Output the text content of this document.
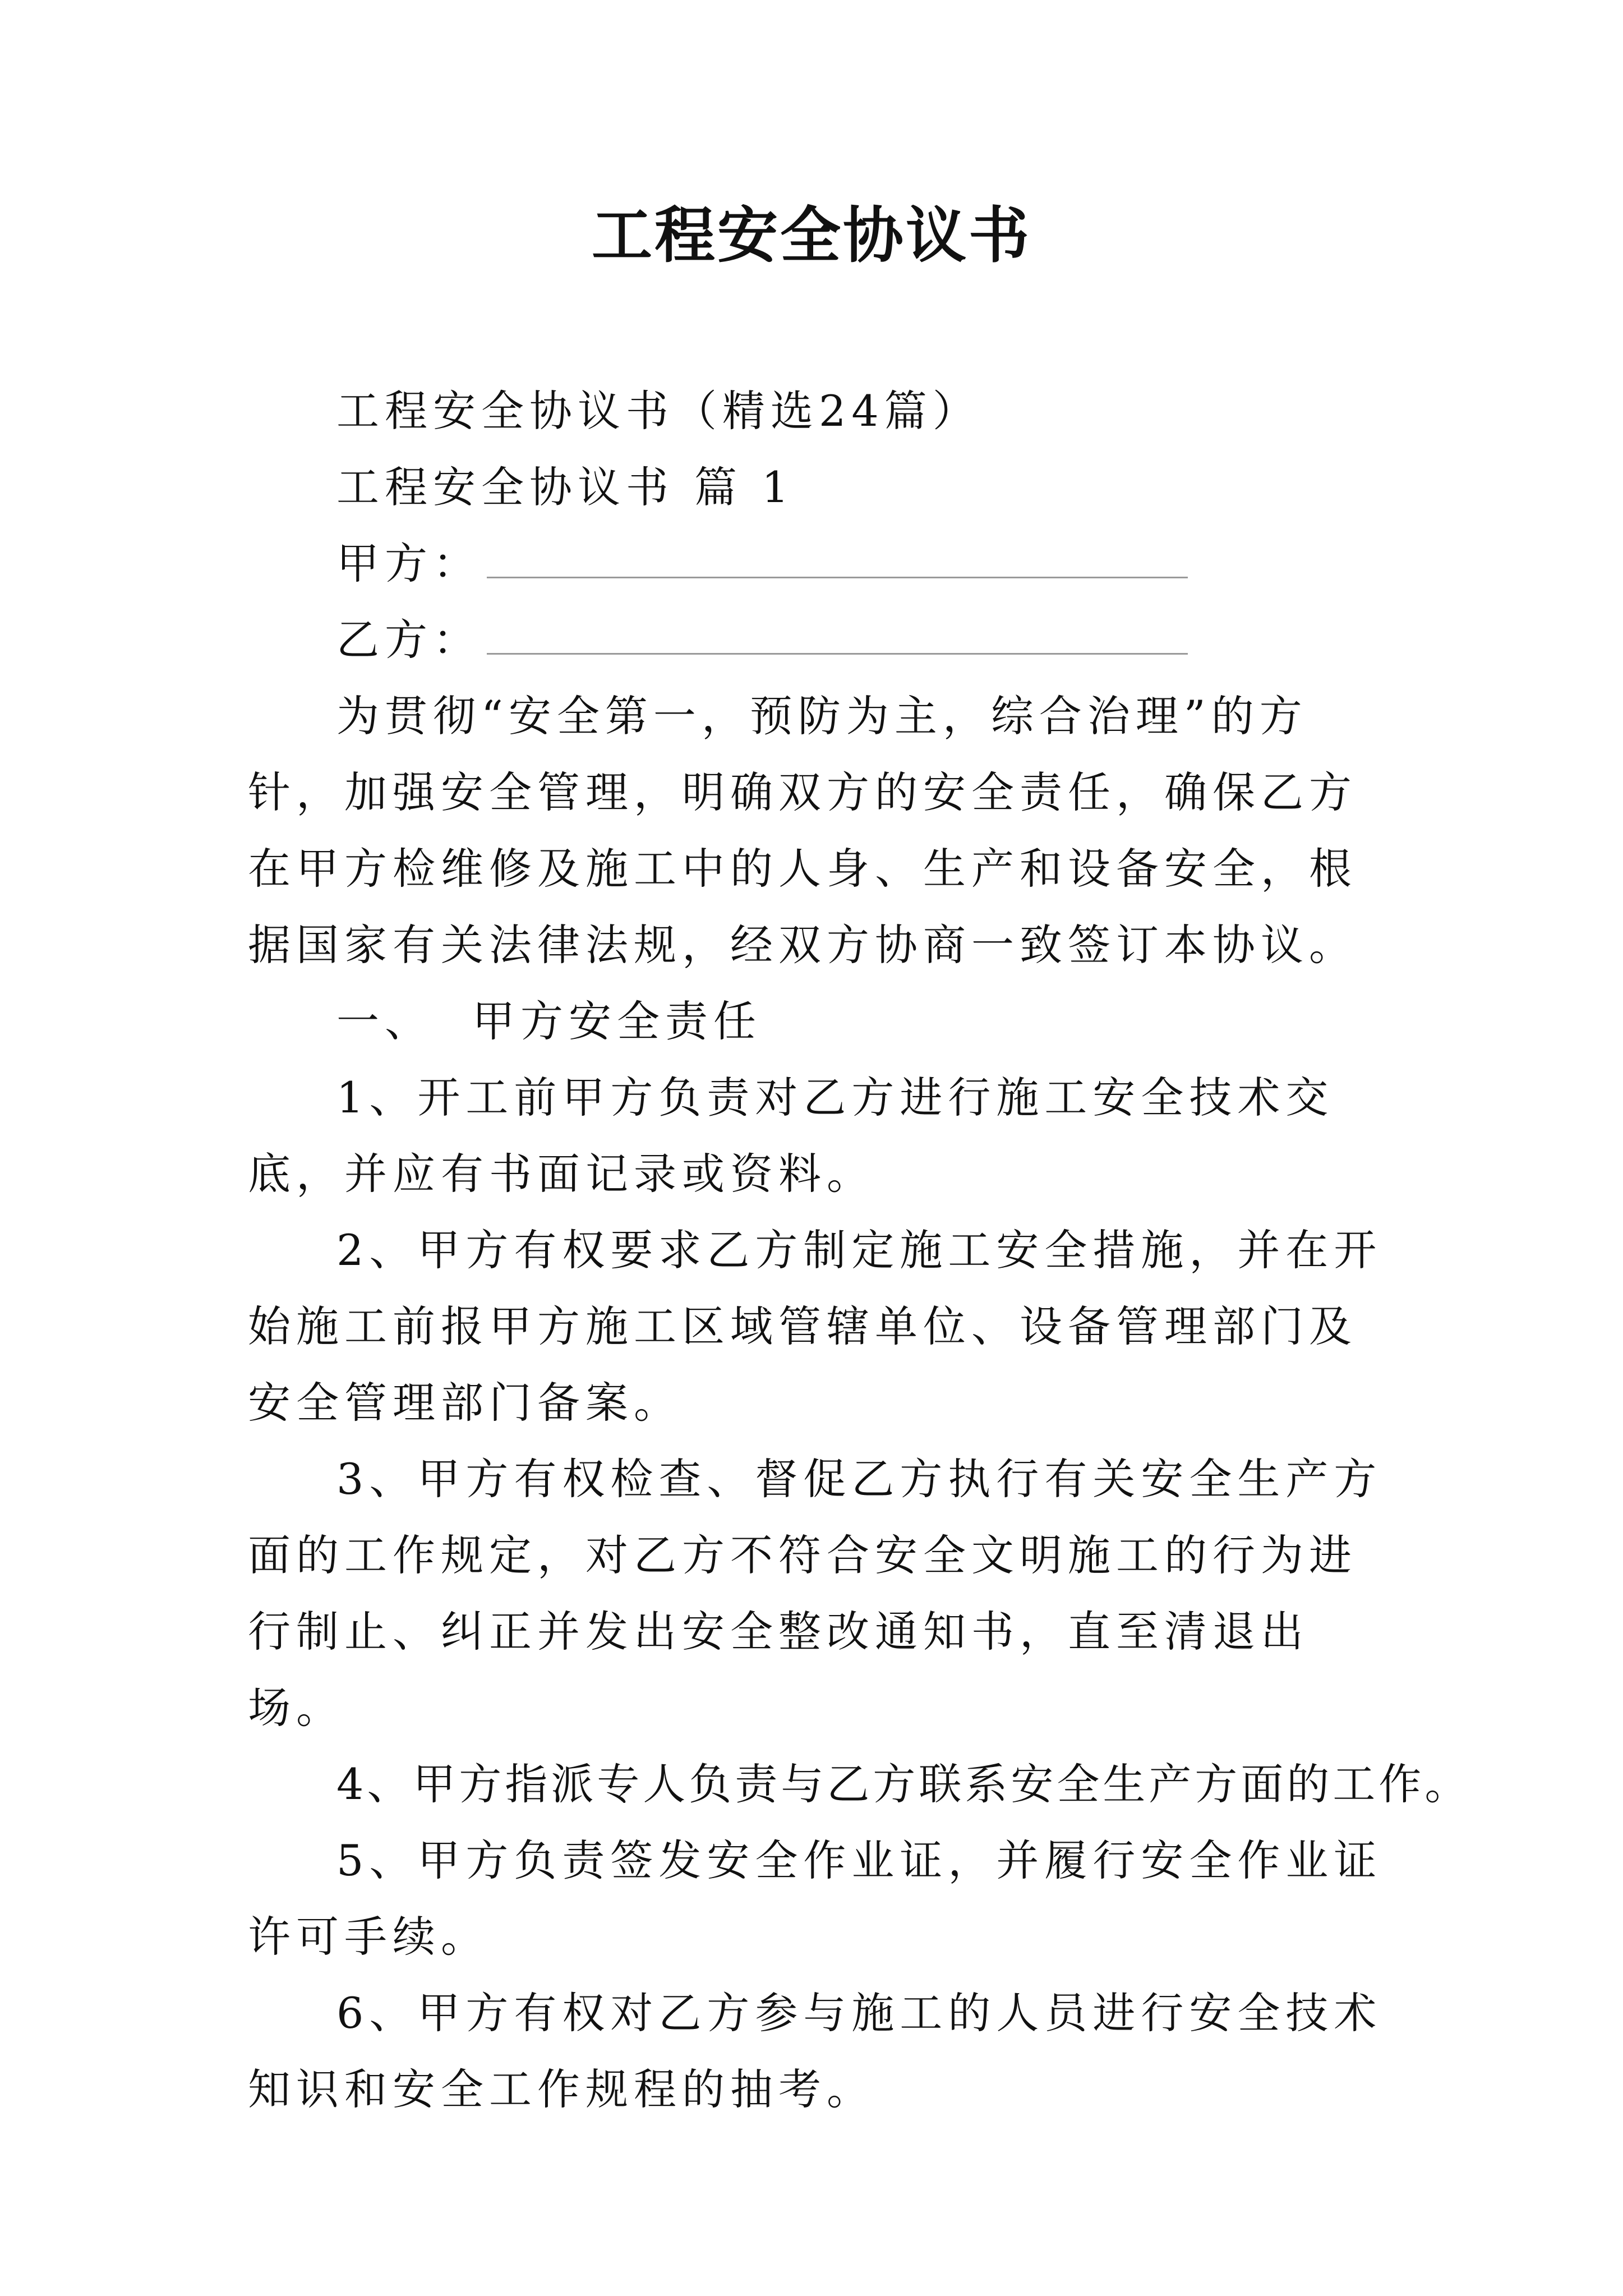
工程安全协议书

工程安全协议书（精选24篇）

工程安全协议书 篇 1

甲方：

乙方：

为贯彻“安全第一，预防为主，综合治理”的方针，加强安全管理，明确双方的安全责任，确保乙方在甲方检维修及施工中的人身、生产和设备安全，根据国家有关法律法规，经双方协商一致签订本协议。

一、 甲方安全责任

1、开工前甲方负责对乙方进行施工安全技术交底，并应有书面记录或资料。

2、甲方有权要求乙方制定施工安全措施，并在开始施工前报甲方施工区域管辖单位、设备管理部门及安全管理部门备案。

3、甲方有权检查、督促乙方执行有关安全生产方面的工作规定，对乙方不符合安全文明施工的行为进行制止、纠正并发出安全整改通知书，直至清退出场。

4、甲方指派专人负责与乙方联系安全生产方面的工作。

5、甲方负责签发安全作业证，并履行安全作业证许可手续。

6、甲方有权对乙方参与施工的人员进行安全技术知识和安全工作规程的抽考。
